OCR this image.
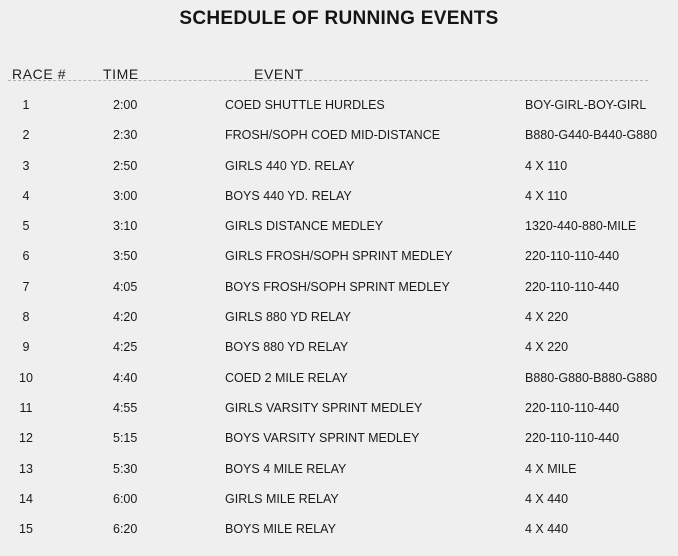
SCHEDULE OF RUNNING EVENTS
RACE #	TIME	EVENT
1	2:00	COED SHUTTLE HURDLES	BOY-GIRL-BOY-GIRL
2	2:30	FROSH/SOPH COED MID-DISTANCE	B880-G440-B440-G880
3	2:50	GIRLS 440 YD. RELAY	4 X 110
4	3:00	BOYS 440 YD. RELAY	4 X 110
5	3:10	GIRLS DISTANCE MEDLEY	1320-440-880-MILE
6	3:50	GIRLS FROSH/SOPH SPRINT MEDLEY	220-110-110-440
7	4:05	BOYS FROSH/SOPH SPRINT MEDLEY	220-110-110-440
8	4:20	GIRLS 880 YD RELAY	4 X 220
9	4:25	BOYS 880 YD RELAY	4 X 220
10	4:40	COED 2 MILE RELAY	B880-G880-B880-G880
11	4:55	GIRLS VARSITY SPRINT MEDLEY	220-110-110-440
12	5:15	BOYS VARSITY SPRINT MEDLEY	220-110-110-440
13	5:30	BOYS 4 MILE RELAY	4 X MILE
14	6:00	GIRLS MILE RELAY	4 X 440
15	6:20	BOYS MILE RELAY	4 X 440
